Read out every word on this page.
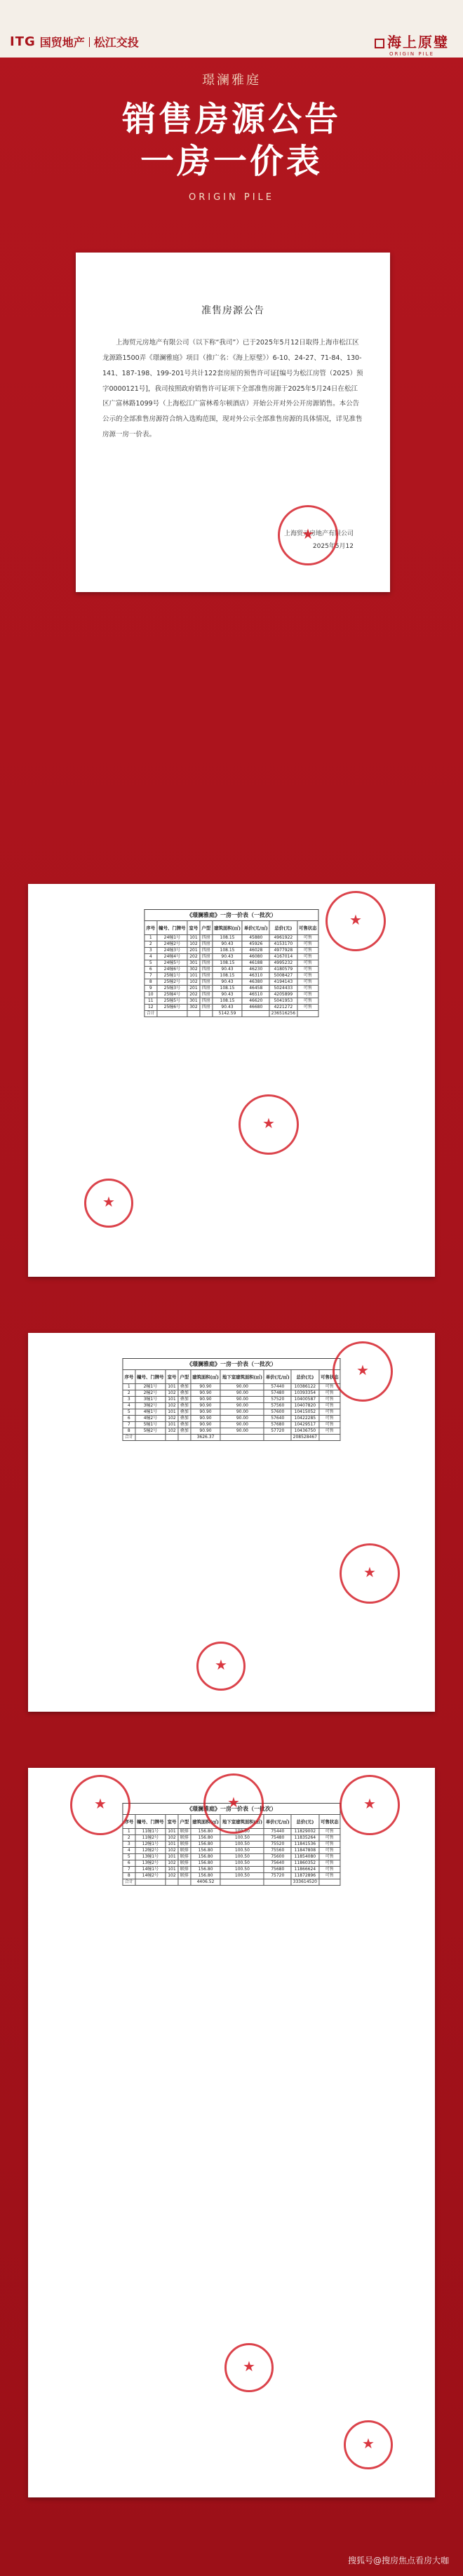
ITG 国贸地产 松江交投	海上原璧
ORIGIN PILE
璟澜雅庭
销售房源公告
一房一价表
ORIGIN PILE
准售房源公告

上海贸元房地产有限公司（以下称“我司”）已于2025年5月12日取得上海市松江区龙源路1500弄《璟澜雅庭》项目（推广名：《海上原璧》）6-10、24-27、71-84、130-141、187-198、199-201号共计122套房屋的预售许可证[编号为松江房管（2025）预字0000121号]，我司按照政府销售许可证项下全部准售房源于2025年5月24日在松江区广富林路1099号（上海松江广富林希尔顿酒店）开始公开对外公开房源销售。本公告公示的全部准售房源符合纳入选购范围，现对外公示全部准售房源的具体情况，详见准售房源一房一价表。

上海贸元房地产有限公司
2025年5月12
★
《璟澜雅庭》一房一价表（一批次）
序号	幢号、门牌号	室号	户型	建筑面积(㎡)	单价(元/㎡)	总价(元)	可售状态
1	24幢1号	101	四房	108.15	45880	4961922	可售
2	24幢2号	102	四房	90.43	45926	4153170	可售
3	24幢3号	201	四房	108.15	46028	4977928	可售
4	24幢4号	202	四房	90.43	46080	4167014	可售
5	24幢5号	301	四房	108.15	46188	4995232	可售
6	24幢6号	302	四房	90.43	46230	4180579	可售
7	25幢1号	101	四房	108.15	46310	5008427	可售
8	25幢2号	102	四房	90.43	46380	4194143	可售
9	25幢3号	201	四房	108.15	46458	5024433	可售
10	25幢4号	202	四房	90.43	46510	4205899	可售
11	25幢5号	301	四房	108.15	46620	5041953	可售
12	25幢6号	302	四房	90.43	46680	4221272	可售
合计				5142.59		236516256	
★
★
★
《璟澜雅庭》一房一价表（一批次）
序号	幢号、门牌号	室号	户型	建筑面积(㎡)	地下室建筑面积(㎡)	单价(元/㎡)	总价(元)	可售状态
1	2幢1号	101	叠加	90.90	90.00	57440	10386122	可售
2	2幢2号	102	叠加	90.90	90.00	57480	10393354	可售
3	3幢1号	101	叠加	90.90	90.00	57520	10400587	可售
4	3幢2号	102	叠加	90.90	90.00	57560	10407820	可售
5	4幢1号	101	叠加	90.90	90.00	57600	10415052	可售
6	4幢2号	102	叠加	90.90	90.00	57640	10422285	可售
7	5幢1号	101	叠加	90.90	90.00	57680	10429517	可售
8	5幢2号	102	叠加	90.90	90.00	57720	10436750	可售
合计				3626.37			208528467	
★
★
★
《璟澜雅庭》一房一价表（一批次）
序号	幢号、门牌号	室号	户型	建筑面积(㎡)	地下室建筑面积(㎡)	单价(元/㎡)	总价(元)	可售状态
1	11幢1号	101	联排	156.80	100.50	75440	11829002	可售
2	11幢2号	102	联排	156.80	100.50	75480	11835264	可售
3	12幢1号	101	联排	156.80	100.50	75520	11841536	可售
4	12幢2号	102	联排	156.80	100.50	75560	11847808	可售
5	13幢1号	101	联排	156.80	100.50	75600	11854080	可售
6	13幢2号	102	联排	156.80	100.50	75640	11860352	可售
7	14幢1号	101	联排	156.80	100.50	75680	11866624	可售
8	14幢2号	102	联排	156.80	100.50	75720	11872896	可售
合计				4406.52			333614520	
★
★
★
★
★
搜狐号@搜房焦点看房大咖
